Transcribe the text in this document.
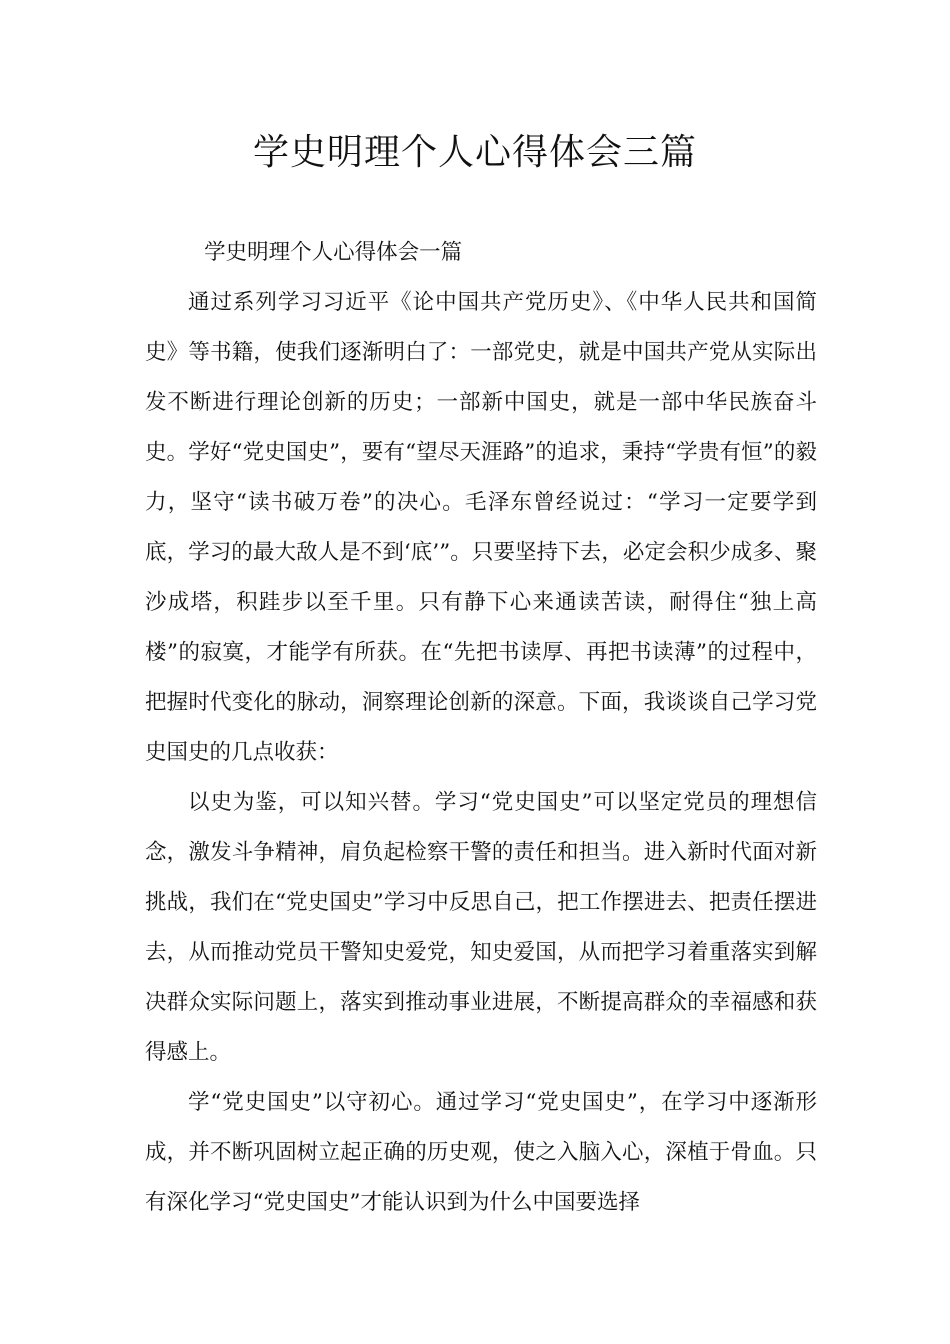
学史明理个人心得体会三篇

学史明理个人心得体会一篇

通过系列学习习近平《论中国共产党历史》、《中华人民共和国简史》等书籍，使我们逐渐明白了：一部党史，就是中国共产党从实际出发不断进行理论创新的历史；一部新中国史，就是一部中华民族奋斗史。学好“党史国史”，要有“望尽天涯路”的追求，秉持“学贵有恒”的毅力，坚守“读书破万卷”的决心。毛泽东曾经说过：“学习一定要学到底，学习的最大敌人是不到‘底’”。只要坚持下去，必定会积少成多、聚沙成塔，积跬步以至千里。只有静下心来通读苦读，耐得住“独上高楼”的寂寞，才能学有所获。在“先把书读厚、再把书读薄”的过程中，把握时代变化的脉动，洞察理论创新的深意。下面，我谈谈自己学习党史国史的几点收获：

以史为鉴，可以知兴替。学习“党史国史”可以坚定党员的理想信念，激发斗争精神，肩负起检察干警的责任和担当。进入新时代面对新挑战，我们在“党史国史”学习中反思自己，把工作摆进去、把责任摆进去，从而推动党员干警知史爱党，知史爱国，从而把学习着重落实到解决群众实际问题上，落实到推动事业进展，不断提高群众的幸福感和获得感上。

学“党史国史”以守初心。通过学习“党史国史”，在学习中逐渐形成，并不断巩固树立起正确的历史观，使之入脑入心，深植于骨血。只有深化学习“党史国史”才能认识到为什么中国要选择
